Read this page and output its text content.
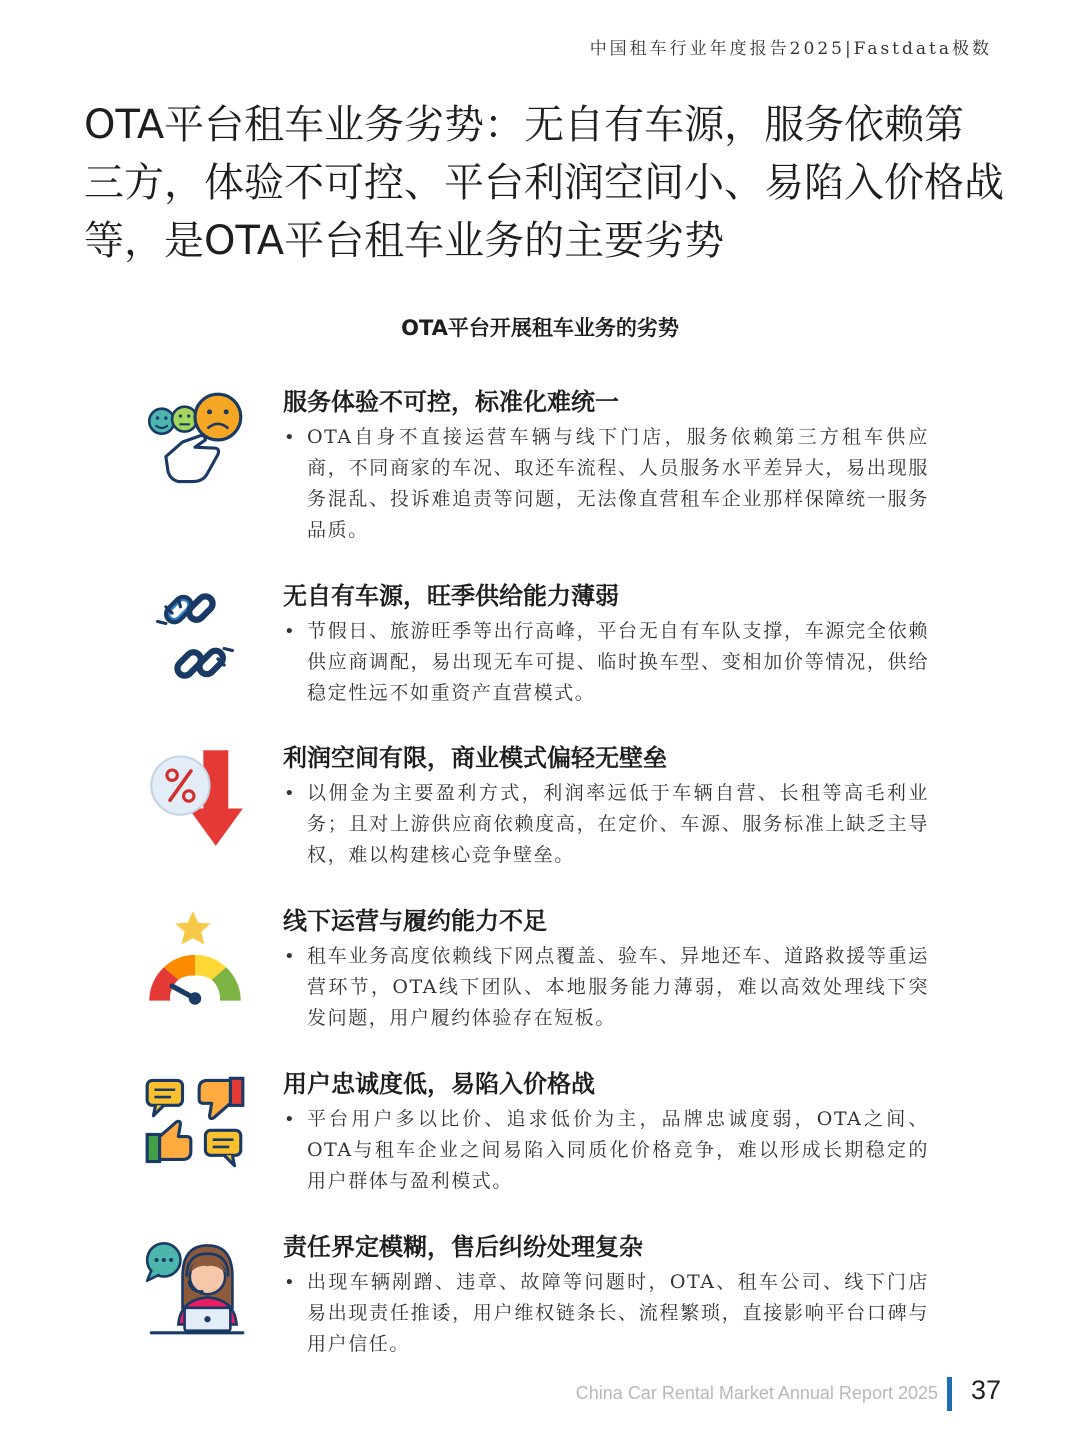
中国租车行业年度报告2025|Fastdata极数
OTA平台租车业务劣势：无自有车源，服务依赖第三方，体验不可控、平台利润空间小、易陷入价格战等，是OTA平台租车业务的主要劣势
OTA平台开展租车业务的劣势
服务体验不可控，标准化难统一
• OTA自身不直接运营车辆与线下门店，服务依赖第三方租车供应商，不同商家的车况、取还车流程、人员服务水平差异大，易出现服务混乱、投诉难追责等问题，无法像直营租车企业那样保障统一服务品质。

无自有车源，旺季供给能力薄弱
• 节假日、旅游旺季等出行高峰，平台无自有车队支撑，车源完全依赖供应商调配，易出现无车可提、临时换车型、变相加价等情况，供给稳定性远不如重资产直营模式。

利润空间有限，商业模式偏轻无壁垒
• 以佣金为主要盈利方式，利润率远低于车辆自营、长租等高毛利业务；且对上游供应商依赖度高，在定价、车源、服务标准上缺乏主导权，难以构建核心竞争壁垒。

线下运营与履约能力不足
• 租车业务高度依赖线下网点覆盖、验车、异地还车、道路救援等重运营环节，OTA线下团队、本地服务能力薄弱，难以高效处理线下突发问题，用户履约体验存在短板。

用户忠诚度低，易陷入价格战
• 平台用户多以比价、追求低价为主，品牌忠诚度弱，OTA之间、OTA与租车企业之间易陷入同质化价格竞争，难以形成长期稳定的用户群体与盈利模式。

责任界定模糊，售后纠纷处理复杂
• 出现车辆剐蹭、违章、故障等问题时，OTA、租车公司、线下门店易出现责任推诿，用户维权链条长、流程繁琐，直接影响平台口碑与用户信任。

China Car Rental Market Annual Report 2025 37
